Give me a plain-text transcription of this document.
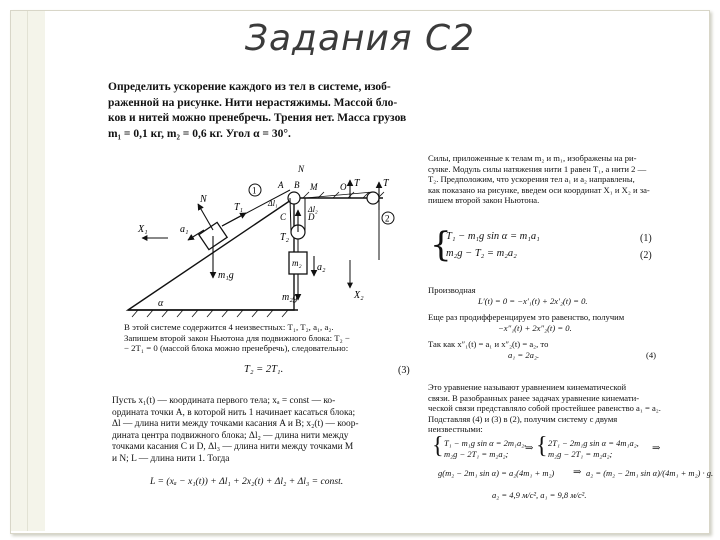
Задания С2
Определить ускорение каждого из тел в системе, изоб-
раженной на рисунке. Нити нерастяжимы. Массой бло-
ков и нитей можно пренебречь. Трения нет. Масса грузов
m₁ = 0,1 кг, m₂ = 0,6 кг. Угол α = 30°.
N
T₁
1
A B M
N
O T T
2
C D
Δl₁
Δl₂
T₂
X₁
X₂
m₁g
m₂
a₁
a₂
m₂g
α
Силы, приложенные к телам m₂ и m₁, изображены на ри-
сунке. Модуль силы натяжения нити 1 равен T₁, а нити 2 —
T₂. Предположим, что ускорения тел a₁ и a₂ направлены,
как показано на рисунке, введем оси координат X₁ и X₂ и за-
пишем второй закон Ньютона.
{
T₁ − m₁g sin α = m₁a₁
m₂g − T₂ = m₂a₂
(1)
(2)
Производная
L′(t) = 0 = −x′₁(t) + 2x′₂(t) = 0.
Еще раз продифференцируем это равенство, получим
−x″₁(t) + 2x″₂(t) = 0.
Так как x″₁(t) = a₁ и x″₂(t) = a₂, то
a₁ = 2a₂.	(4)
Это уравнение называют уравнением кинематической
связи. В разобранных ранее задачах уравнение кинемати-
ческой связи представляло собой простейшее равенство a₁ = a₂.
Подставляя (4) и (3) в (2), получим систему с двумя
неизвестными:
{ T₁ − m₁g sin α = 2m₁a₂,
m₂g − 2T₁ = m₂a₂; ⇒ { 2T₁ − 2m₁g sin α = 4m₁a₂,
m₂g − 2T₁ = m₂a₂;	⇒
g(m₂ − 2m₁ sin α) = a₂(4m₁ + m₂) ⇒ a₂ = (m₂ − 2m₁ sin α)/(4m₁ + m₂) · g.
a₂ = 4,9 м/с², a₁ = 9,8 м/с².
В этой системе содержится 4 неизвестных: T₁, T₂, a₁, a₂.
Запишем второй закон Ньютона для подвижного блока: T₂ −
− 2T₁ = 0 (массой блока можно пренебречь), следовательно:
T₂ = 2T₁.	(3)
Пусть x₁(t) — координата первого тела; xₐ = const — ко-
ордината точки A, в которой нить 1 начинает касаться блока;
Δl — длина нити между точками касания A и B; x₂(t) — коор-
дината центра подвижного блока; Δl₂ — длина нити между
точками касания C и D, Δl₃ — длина нити между точками M
и N; L — длина нити 1. Тогда
L = (xₐ − x₁(t)) + Δl₁ + 2x₂(t) + Δl₂ + Δl₃ = const.
